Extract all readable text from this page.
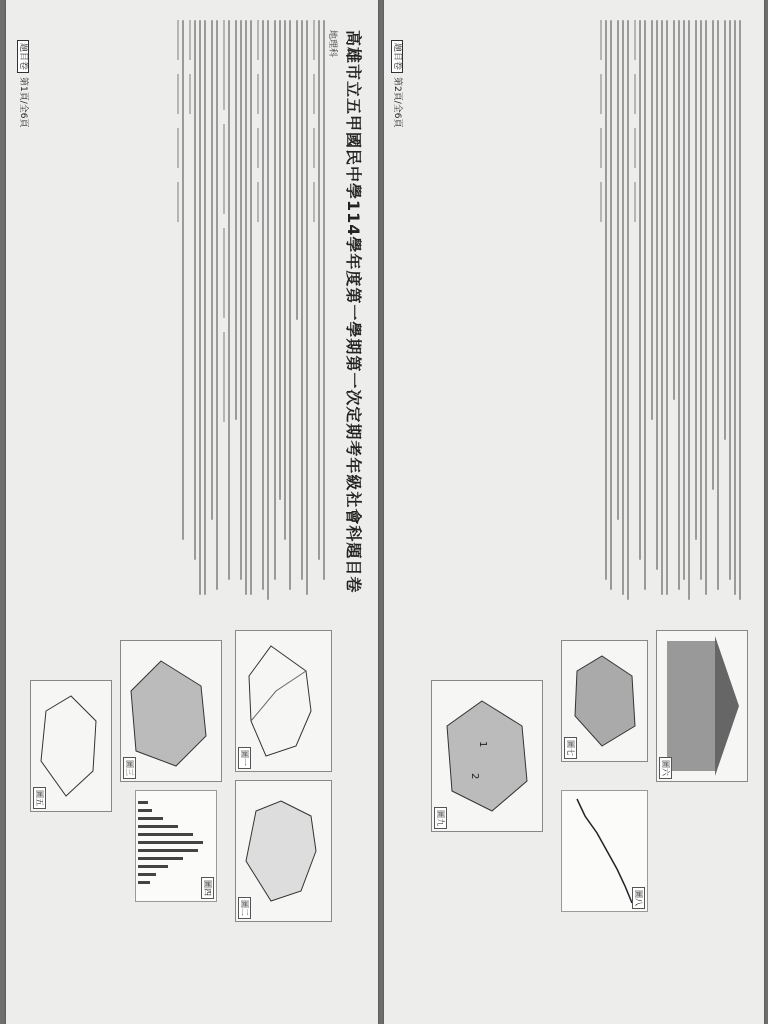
高雄市立五甲國民中學114學年度第一學期第一次定期考年級社會科題目卷
地理科
圖一
圖二
圖三
圖四
圖五
題目卷第1頁/全6頁
圖六
圖七
圖八
1
2
圖九
題目卷第2頁/全6頁
